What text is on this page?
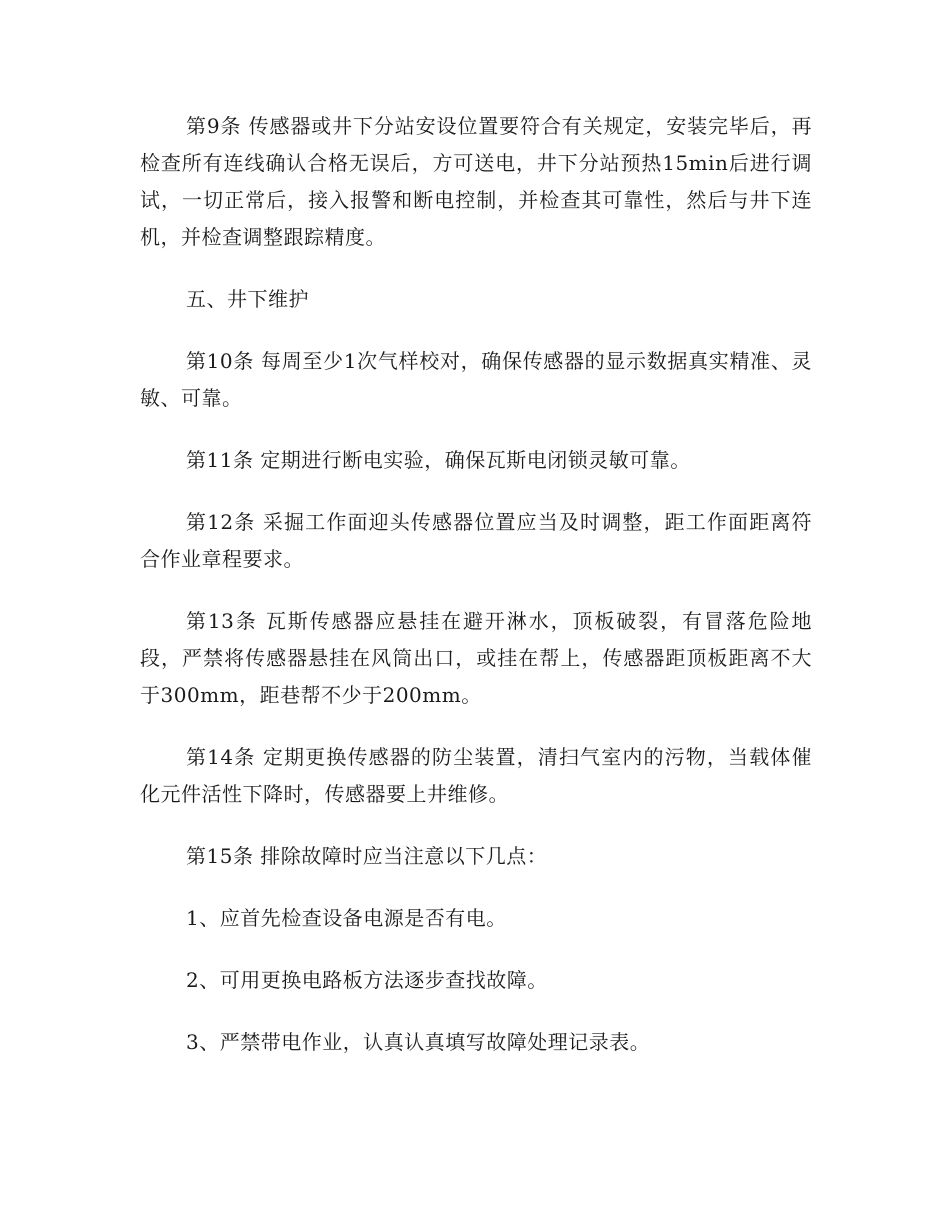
第9条 传感器或井下分站安设位置要符合有关规定，安装完毕后，再检查所有连线确认合格无误后，方可送电，井下分站预热15min后进行调试，一切正常后，接入报警和断电控制，并检查其可靠性，然后与井下连机，并检查调整跟踪精度。

五、井下维护

第10条 每周至少1次气样校对，确保传感器的显示数据真实精准、灵敏、可靠。

第11条 定期进行断电实验，确保瓦斯电闭锁灵敏可靠。

第12条 采掘工作面迎头传感器位置应当及时调整，距工作面距离符合作业章程要求。

第13条 瓦斯传感器应悬挂在避开淋水，顶板破裂，有冒落危险地段，严禁将传感器悬挂在风筒出口，或挂在帮上，传感器距顶板距离不大于300mm，距巷帮不少于200mm。

第14条 定期更换传感器的防尘装置，清扫气室内的污物，当载体催化元件活性下降时，传感器要上井维修。

第15条 排除故障时应当注意以下几点：

1、应首先检查设备电源是否有电。

2、可用更换电路板方法逐步查找故障。

3、严禁带电作业，认真认真填写故障处理记录表。
